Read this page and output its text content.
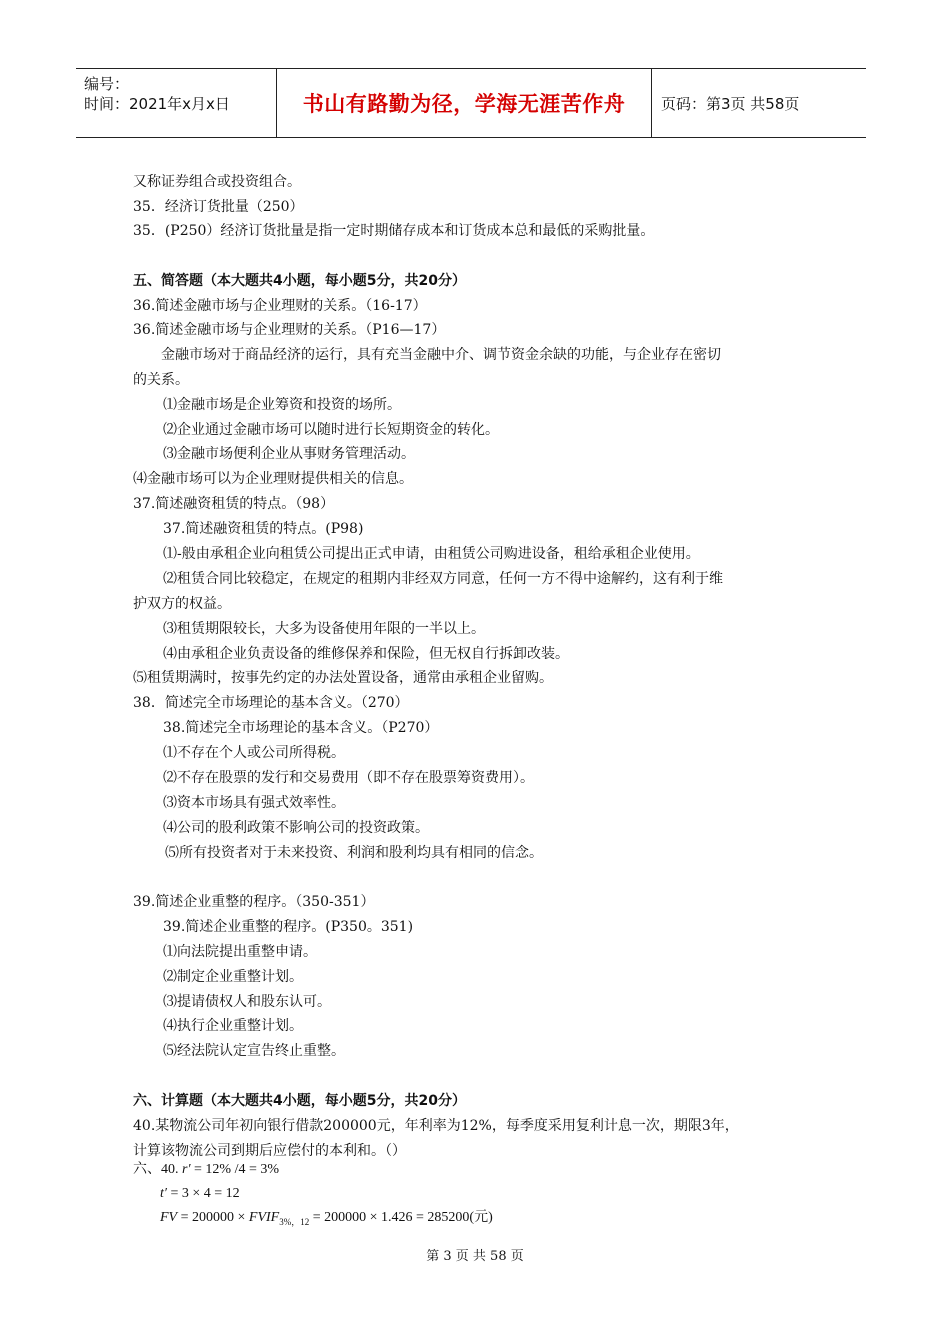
编号：
时间：2021年x月x日	书山有路勤为径，学海无涯苦作舟 页码：第3页 共58页
又称证券组合或投资组合。
35．经济订货批量（250）
35．(P250）经济订货批量是指一定时期储存成本和订货成本总和最低的采购批量。
五、简答题（本大题共4小题，每小题5分，共20分）
36.简述金融市场与企业理财的关系。（16-17）
36.简述金融市场与企业理财的关系。（P16—17）
金融市场对于商品经济的运行，具有充当金融中介、调节资金余缺的功能，与企业存在密切
的关系。
⑴金融市场是企业筹资和投资的场所。
⑵企业通过金融市场可以随时进行长短期资金的转化。
⑶金融市场便利企业从事财务管理活动。
⑷金融市场可以为企业理财提供相关的信息。
37.简述融资租赁的特点。（98）
37.简述融资租赁的特点。(P98)
⑴-般由承租企业向租赁公司提出正式申请，由租赁公司购进设备，租给承租企业使用。
⑵租赁合同比较稳定，在规定的租期内非经双方同意，任何一方不得中途解约，这有利于维
护双方的权益。
⑶租赁期限较长，大多为设备使用年限的一半以上。
⑷由承租企业负责设备的维修保养和保险，但无权自行拆卸改装。
⑸租赁期满时，按事先约定的办法处置设备，通常由承租企业留购。
38．简述完全市场理论的基本含义。（270）
38.简述完全市场理论的基本含义。（P270）
⑴不存在个人或公司所得税。
⑵不存在股票的发行和交易费用（即不存在股票筹资费用）。
⑶资本市场具有强式效率性。
⑷公司的股利政策不影响公司的投资政策。
⑸所有投资者对于未来投资、利润和股利均具有相同的信念。
39.简述企业重整的程序。（350-351）
39.简述企业重整的程序。(P350。351)
⑴向法院提出重整申请。
⑵制定企业重整计划。
⑶提请债权人和股东认可。
⑷执行企业重整计划。
⑸经法院认定宣告终止重整。
六、计算题（本大题共4小题，每小题5分，共20分）
40.某物流公司年初向银行借款200000元，年利率为12%，每季度采用复利计息一次，期限3年，
计算该物流公司到期后应偿付的本利和。（）
六、40. r′ = 12% /4 = 3%
t′ = 3 × 4 = 12
FV = $200000 \times FVIF_{3\%,12} = 200000 \times 1.426 = 285200$(元)
第 3 页 共 58 页
